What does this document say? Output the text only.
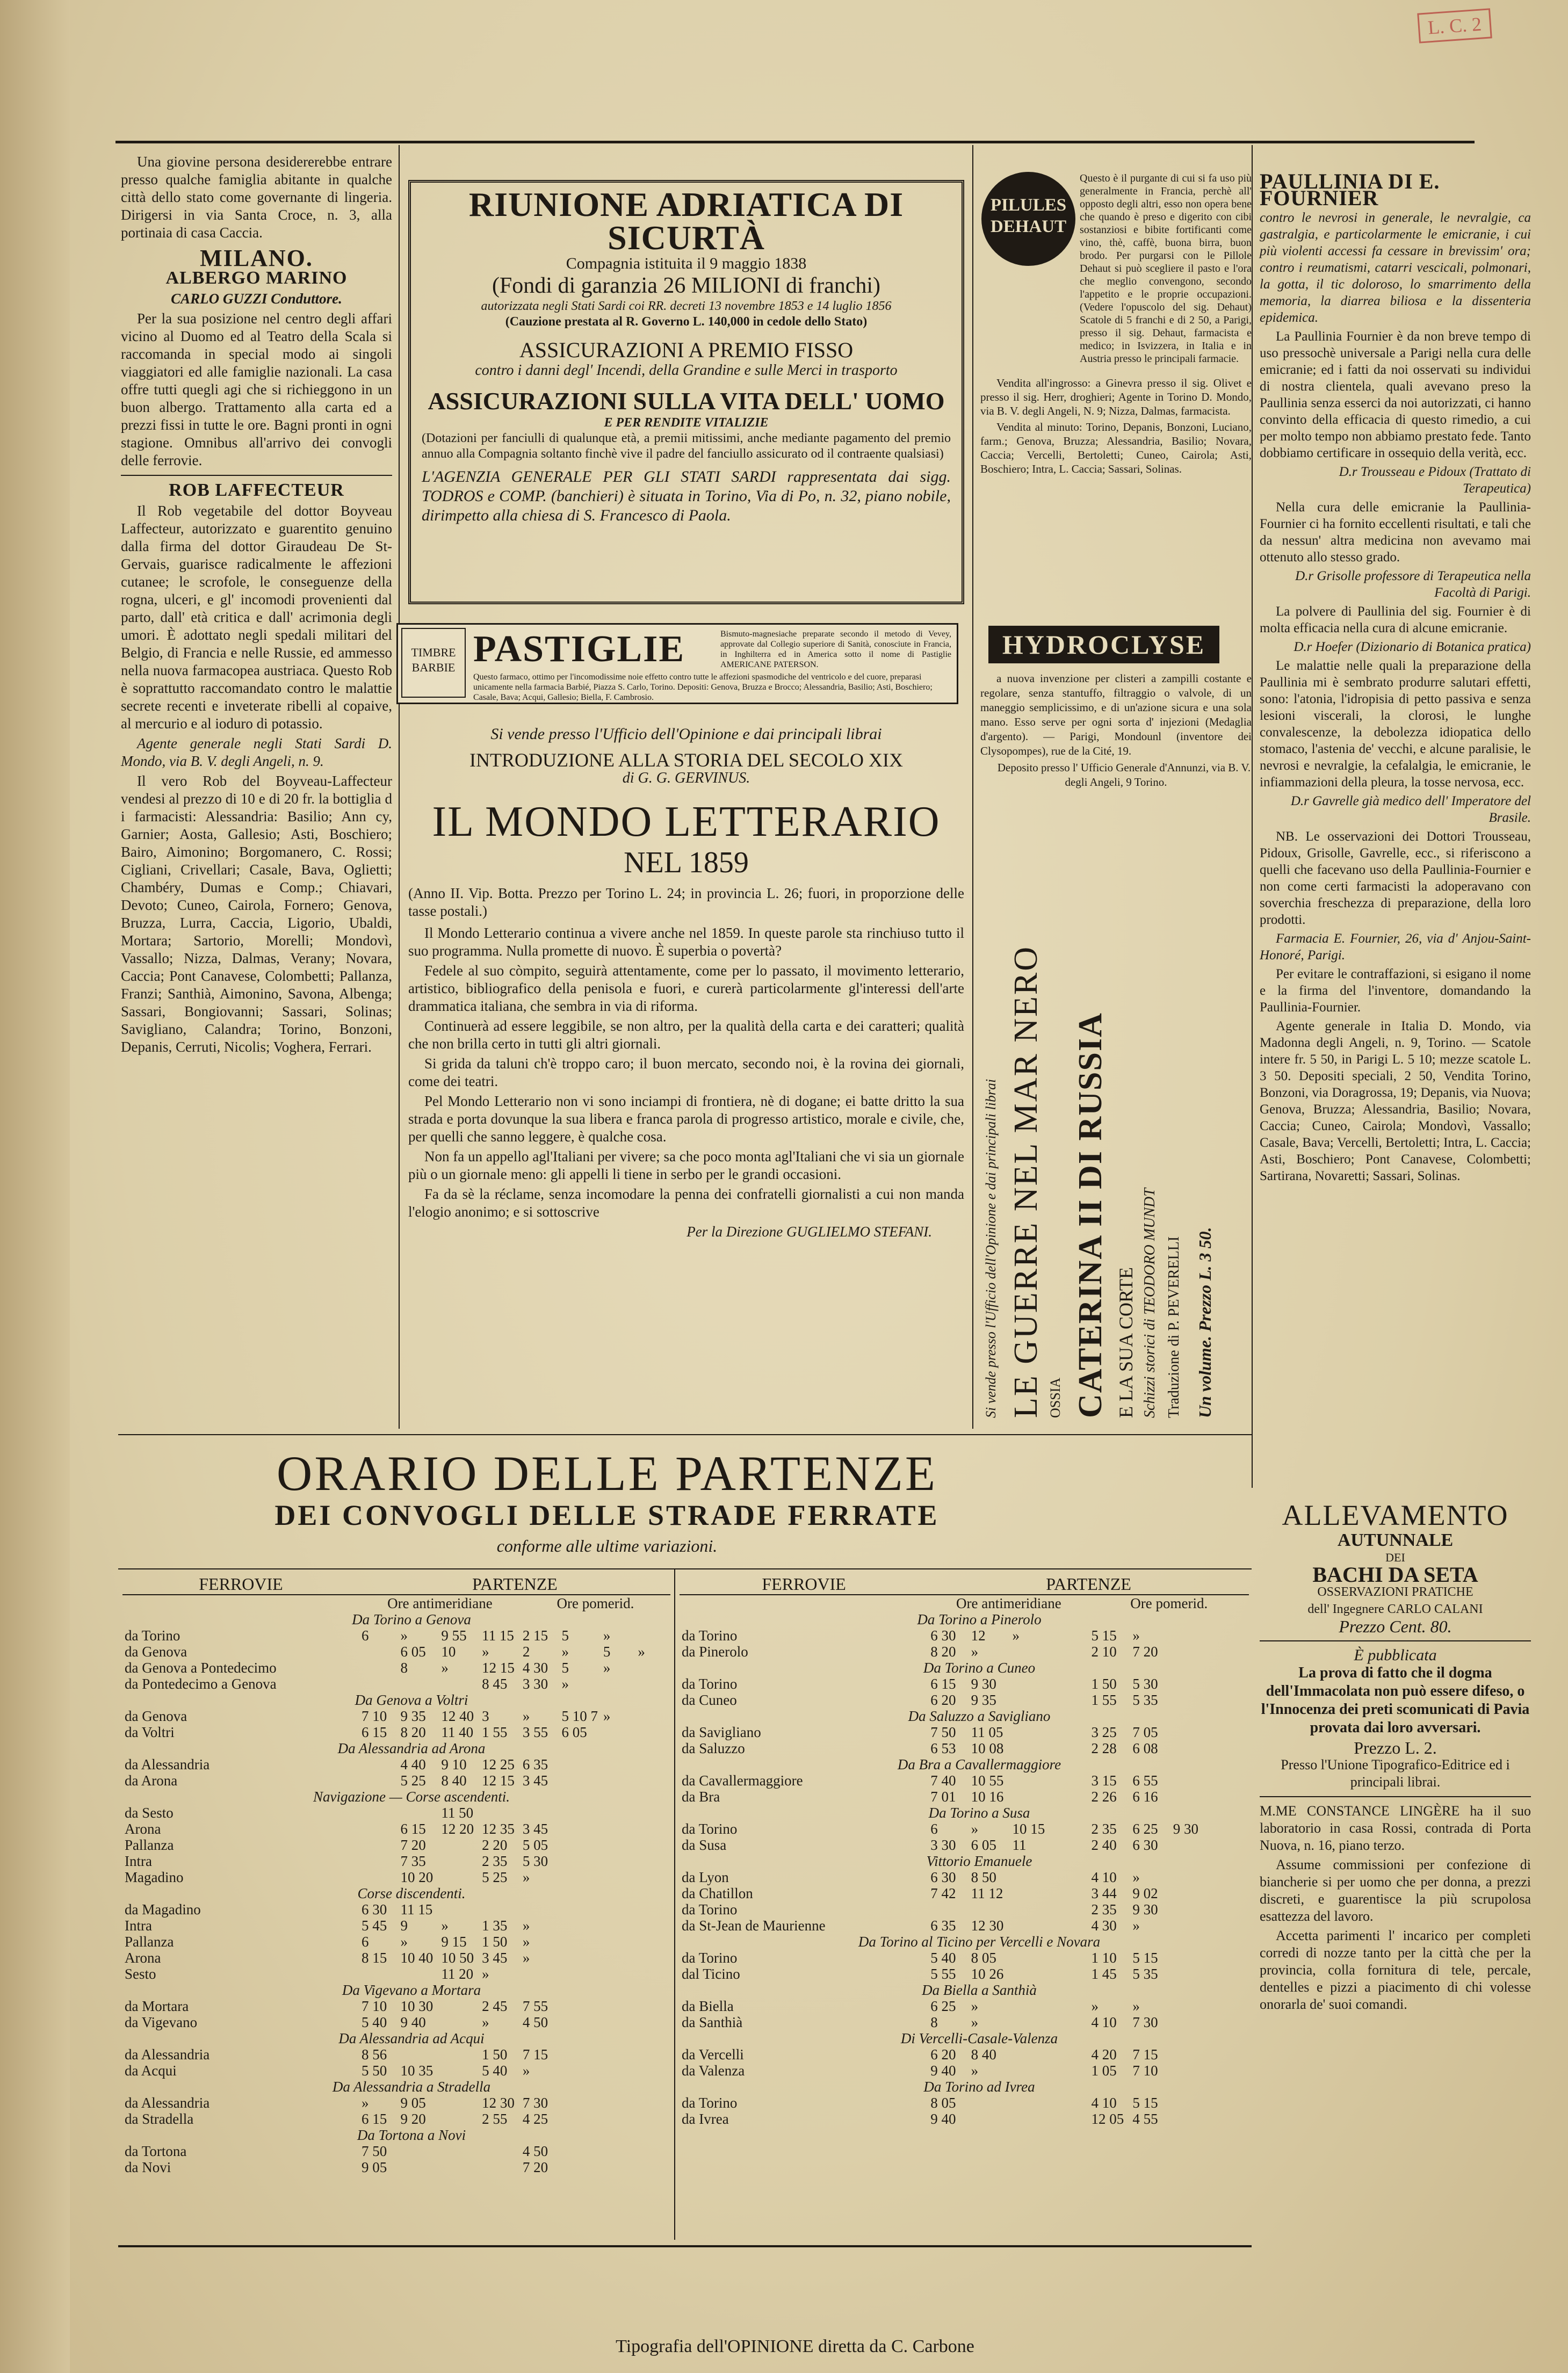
L. C. 2

Una giovine persona desidererebbe entrare presso qualche famiglia abitante in qualche città dello stato come governante di lingeria. Dirigersi in via Santa Croce, n. 3, alla portinaia di casa Caccia.

MILANO.
ALBERGO MARINO
CARLO GUZZI Conduttore.

Per la sua posizione nel centro degli affari vicino al Duomo ed al Teatro della Scala si raccomanda in special modo ai singoli viaggiatori ed alle famiglie nazionali. La casa offre tutti quegli agi che si richieggono in un buon albergo. Trattamento alla carta ed a prezzi fissi in tutte le ore. Bagni pronti in ogni stagione. Omnibus all'arrivo dei convogli delle ferrovie.

ROB LAFFECTEUR

Il Rob vegetabile del dottor Boyveau Laffecteur, autorizzato e guarentito genuino dalla firma del dottor Giraudeau De St-Gervais, guarisce radicalmente le affezioni cutanee; le scrofole, le conseguenze della rogna, ulceri, e gl' incomodi provenienti dal parto, dall' età critica e dall' acrimonia degli umori. È adottato negli spedali militari del Belgio, di Francia e nelle Russie, ed ammesso nella nuova farmacopea austriaca. Questo Rob è soprattutto raccomandato contro le malattie secrete recenti e inveterate ribelli al copaive, al mercurio e al ioduro di potassio.

Agente generale negli Stati Sardi D. Mondo, via B. V. degli Angeli, n. 9.

Il vero Rob del Boyveau-Laffecteur vendesi al prezzo di 10 e di 20 fr. la bottiglia d i farmacisti: Alessandria: Basilio; Ann cy, Garnier; Aosta, Gallesio; Asti, Boschiero; Bairo, Aimonino; Borgomanero, C. Rossi; Cigliani, Crivellari; Casale, Bava, Oglietti; Chambéry, Dumas e Comp.; Chiavari, Devoto; Cuneo, Cairola, Fornero; Genova, Bruzza, Lurra, Caccia, Ligorio, Ubaldi, Mortara; Sartorio, Morelli; Mondovì, Vassallo; Nizza, Dalmas, Verany; Novara, Caccia; Pont Canavese, Colombetti; Pallanza, Franzi; Santhià, Aimonino, Savona, Albenga; Sassari, Bongiovanni; Sassari, Solinas; Savigliano, Calandra; Torino, Bonzoni, Depanis, Cerruti, Nicolis; Voghera, Ferrari.

RIUNIONE ADRIATICA DI SICURTÀ
Compagnia istituita il 9 maggio 1838
(Fondi di garanzia 26 MILIONI di franchi)
autorizzata negli Stati Sardi coi RR. decreti 13 novembre 1853 e 14 luglio 1856
(Cauzione prestata al R. Governo L. 140,000 in cedole dello Stato)
ASSICURAZIONI A PREMIO FISSO
contro i danni degl' Incendi, della Grandine e sulle Merci in trasporto
ASSICURAZIONI SULLA VITA DELL' UOMO
E PER RENDITE VITALIZIE
(Dotazioni per fanciulli di qualunque età, a premii mitissimi, anche mediante pagamento del premio annuo alla Compagnia soltanto finchè vive il padre del fanciullo assicurato od il contraente qualsiasi)
L'AGENZIA GENERALE PER GLI STATI SARDI rappresentata dai sigg. TODROS e COMP. (banchieri) è situata in Torino, Via di Po, n. 32, piano nobile, dirimpetto alla chiesa di S. Francesco di Paola.
PILULES
DEHAUT

Questo è il purgante di cui si fa uso più generalmente in Francia, perchè all' opposto degli altri, esso non opera bene che quando è preso e digerito con cibi sostanziosi e bibite fortificanti come vino, thè, caffè, buona birra, buon brodo. Per purgarsi con le Pillole Dehaut si può scegliere il pasto e l'ora che meglio convengono, secondo l'appetito e le proprie occupazioni. (Vedere l'opuscolo del sig. Dehaut) Scatole di 5 franchi e di 2 50, a Parigi, presso il sig. Dehaut, farmacista e medico; in Isvizzera, in Italia e in Austria presso le principali farmacie.

Vendita all'ingrosso: a Ginevra presso il sig. Olivet e presso il sig. Herr, droghieri; Agente in Torino D. Mondo, via B. V. degli Angeli, N. 9; Nizza, Dalmas, farmacista.

Vendita al minuto: Torino, Depanis, Bonzoni, Luciano, farm.; Genova, Bruzza; Alessandria, Basilio; Novara, Caccia; Vercelli, Bertoletti; Cuneo, Cairola; Asti, Boschiero; Intra, L. Caccia; Sassari, Solinas.

TIMBRE BARBIE PASTIGLIE	Bismuto-magnesiache preparate secondo il metodo di Vevey, approvate dal Collegio superiore di Sanità, conosciute in Francia, in Inghilterra ed in America sotto il nome di Pastiglie AMERICANE PATERSON.
Questo farmaco, ottimo per l'incomodissime noie effetto contro tutte le affezioni spasmodiche del ventricolo e del cuore, preparasi unicamente nella farmacia Barbié, Piazza S. Carlo, Torino. Depositi: Genova, Bruzza e Brocco; Alessandria, Basilio; Asti, Boschiero; Casale, Bava; Acqui, Gallesio; Biella, F. Cambrosio.
HYDROCLYSE

a nuova invenzione per clisteri a zampilli costante e regolare, senza stantuffo, filtraggio o valvole, di un maneggio semplicissimo, e di un'azione sicura e una sola mano. Esso serve per ogni sorta d' injezioni (Medaglia d'argento). — Parigi, Mondounl (inventore dei Clysopompes), rue de la Cité, 19.

Deposito presso l' Ufficio Generale d'Annunzi, via B. V. degli Angeli, 9 Torino.

Si vende presso l'Ufficio dell'Opinione e dai principali librai
INTRODUZIONE ALLA STORIA DEL SECOLO XIX
di G. G. GERVINUS.
IL MONDO LETTERARIO
NEL 1859

(Anno II. Vip. Botta. Prezzo per Torino L. 24; in provincia L. 26; fuori, in proporzione delle tasse postali.)

Il Mondo Letterario continua a vivere anche nel 1859. In queste parole sta rinchiuso tutto il suo programma. Nulla promette di nuovo. È superbia o povertà?

Fedele al suo còmpito, seguirà attentamente, come per lo passato, il movimento letterario, artistico, bibliografico della penisola e fuori, e curerà particolarmente gl'interessi dell'arte drammatica italiana, che sembra in via di riforma.

Continuerà ad essere leggibile, se non altro, per la qualità della carta e dei caratteri; qualità che non brilla certo in tutti gli altri giornali.

Si grida da taluni ch'è troppo caro; il buon mercato, secondo noi, è la rovina dei giornali, come dei teatri.

Pel Mondo Letterario non vi sono inciampi di frontiera, nè di dogane; ei batte dritto la sua strada e porta dovunque la sua libera e franca parola di progresso artistico, morale e civile, che, per quelli che sanno leggere, è qualche cosa.

Non fa un appello agl'Italiani per vivere; sa che poco monta agl'Italiani che vi sia un giornale più o un giornale meno: gli appelli li tiene in serbo per le grandi occasioni.

Fa da sè la réclame, senza incomodare la penna dei confratelli giornalisti a cui non manda l'elogio anonimo; e si sottoscrive

Per la Direzione GUGLIELMO STEFANI.	Si vende presso l'Ufficio dell'Opinione e dai principali librai LE GUERRE NEL MAR NERO OSSIA CATERINA II DI RUSSIA E LA SUA CORTE Schizzi storici di TEODORO MUNDT Traduzione di P. PEVERELLI Un volume. Prezzo L. 3 50.
PAULLINIA DI E. FOURNIER

contro le nevrosi in generale, le nevralgie, ca gastralgia, e particolarmente le emicranie, i cui più violenti accessi fa cessare in brevissim' ora; contro i reumatismi, catarri vescicali, polmonari, la gotta, il tic doloroso, lo smarrimento della memoria, la diarrea biliosa e la dissenteria epidemica.

La Paullinia Fournier è da non breve tempo di uso pressochè universale a Parigi nella cura delle emicranie; ed i fatti da noi osservati su individui di nostra clientela, quali avevano preso la Paullinia senza esserci da noi autorizzati, ci hanno convinto della efficacia di questo rimedio, a cui per molto tempo non abbiamo prestato fede. Tanto dobbiamo certificare in ossequio della verità, ecc.

D.r Trousseau e Pidoux (Trattato di Terapeutica)

Nella cura delle emicranie la Paullinia-Fournier ci ha fornito eccellenti risultati, e tali che da nessun' altra medicina non avevamo mai ottenuto allo stesso grado.

D.r Grisolle professore di Terapeutica nella Facoltà di Parigi.

La polvere di Paullinia del sig. Fournier è di molta efficacia nella cura di alcune emicranie.

D.r Hoefer (Dizionario di Botanica pratica)

Le malattie nelle quali la preparazione della Paullinia mi è sembrato produrre salutari effetti, sono: l'atonia, l'idropisia di petto passiva e senza lesioni viscerali, la clorosi, le lunghe convalescenze, la debolezza idiopatica dello stomaco, l'astenia de' vecchi, e alcune paralisie, le nevrosi e nevralgie, la cefalalgia, le emicranie, le infiammazioni della pleura, la tosse nervosa, ecc.

D.r Gavrelle già medico dell' Imperatore del Brasile.

NB. Le osservazioni dei Dottori Trousseau, Pidoux, Grisolle, Gavrelle, ecc., si riferiscono a quelli che facevano uso della Paullinia-Fournier e non come certi farmacisti la adoperavano con soverchia freschezza di preparazione, della loro prodotti.

Farmacia E. Fournier, 26, via d' Anjou-Saint-Honoré, Parigi.

Per evitare le contraffazioni, si esigano il nome e la firma del l'inventore, domandando la Paullinia-Fournier.

Agente generale in Italia D. Mondo, via Madonna degli Angeli, n. 9, Torino. — Scatole intere fr. 5 50, in Parigi L. 5 10; mezze scatole L. 3 50. Depositi speciali, 2 50, Vendita Torino, Bonzoni, via Doragrossa, 19; Depanis, via Nuova; Genova, Bruzza; Alessandria, Basilio; Novara, Caccia; Cuneo, Cairola; Mondovì, Vassallo; Casale, Bava; Vercelli, Bertoletti; Intra, L. Caccia; Asti, Boschiero; Pont Canavese, Colombetti; Sartirana, Novaretti; Sassari, Solinas.

ORARIO DELLE PARTENZE
DEI CONVOGLI DELLE STRADE FERRATE
conforme alle ultime variazioni.
FERROVIE	PARTENZE							
	Ore antimeridiane				Ore pomerid.			
Da Torino a Genova								
da Torino	6	»	9 55	11 15	2 15	5	»	
da Genova		6 05	10	»	2	»	5	»
da Genova a Pontedecimo		8	»	12 15	4 30	5	»	
da Pontedecimo a Genova				8 45	3 30	»		
Da Genova a Voltri								
da Genova	7 10	9 35	12 40	3	»	5 10 7	»	
da Voltri	6 15	8 20	11 40	1 55	3 55	6 05		
Da Alessandria ad Arona								
da Alessandria		4 40	9 10	12 25	6 35			
da Arona		5 25	8 40	12 15	3 45			
Navigazione — Corse ascendenti.								
da Sesto			11 50					
Arona		6 15	12 20	12 35	3 45			
Pallanza		7 20		2 20	5 05			
Intra		7 35		2 35	5 30			
Magadino		10 20		5 25	»			
Corse discendenti.								
da Magadino	6 30	11 15						
Intra	5 45	9	»	1 35	»			
Pallanza	6	»	9 15	1 50	»			
Arona	8 15	10 40	10 50	3 45	»			
Sesto			11 20	»				
Da Vigevano a Mortara								
da Mortara	7 10	10 30		2 45	7 55			
da Vigevano	5 40	9 40		»	4 50			
Da Alessandria ad Acqui								
da Alessandria	8 56			1 50	7 15			
da Acqui	5 50	10 35		5 40	»			
Da Alessandria a Stradella								
da Alessandria	»	9 05		12 30	7 30			
da Stradella	6 15	9 20		2 55	4 25			
Da Tortona a Novi								
da Tortona	7 50				4 50			
da Novi	9 05				7 20			
FERROVIE	PARTENZE							
	Ore antimeridiane				Ore pomerid.			
Da Torino a Pinerolo								
da Torino	6 30	12	»		5 15	»		
da Pinerolo	8 20	»			2 10	7 20		
Da Torino a Cuneo								
da Torino	6 15	9 30			1 50	5 30		
da Cuneo	6 20	9 35			1 55	5 35		
Da Saluzzo a Savigliano								
da Savigliano	7 50	11 05			3 25	7 05		
da Saluzzo	6 53	10 08			2 28	6 08		
Da Bra a Cavallermaggiore								
da Cavallermaggiore	7 40	10 55			3 15	6 55		
da Bra	7 01	10 16			2 26	6 16		
Da Torino a Susa								
da Torino	6	»	10 15		2 35	6 25	9 30	
da Susa	3 30	6 05	11		2 40	6 30		
Vittorio Emanuele								
da Lyon	6 30	8 50			4 10	»		
da Chatillon	7 42	11 12			3 44	9 02		
da Torino					2 35	9 30		
da St-Jean de Maurienne	6 35	12 30			4 30	»		
Da Torino al Ticino per Vercelli e Novara								
da Torino	5 40	8 05			1 10	5 15		
dal Ticino	5 55	10 26			1 45	5 35		
Da Biella a Santhià								
da Biella	6 25	»			»	»		
da Santhià	8	»			4 10	7 30		
Di Vercelli-Casale-Valenza								
da Vercelli	6 20	8 40			4 20	7 15		
da Valenza	9 40	»			1 05	7 10		
Da Torino ad Ivrea								
da Torino	8 05				4 10	5 15		
da Ivrea	9 40				12 05	4 55		
ALLEVAMENTO
AUTUNNALE
DEI
BACHI DA SETA
OSSERVAZIONI PRATICHE
dell' Ingegnere CARLO CALANI
Prezzo Cent. 80.
È pubblicata

La prova di fatto che il dogma dell'Immacolata non può essere difeso, o l'Innocenza dei preti scomunicati di Pavia provata dai loro avversari.

Prezzo L. 2.

Presso l'Unione Tipografico-Editrice ed i principali librai.

M.ME CONSTANCE LINGÈRE ha il suo laboratorio in casa Rossi, contrada di Porta Nuova, n. 16, piano terzo.

Assume commissioni per confezione di biancherie si per uomo che per donna, a prezzi discreti, e guarentisce la più scrupolosa esattezza del lavoro.

Accetta parimenti l' incarico per completi corredi di nozze tanto per la città che per la provincia, colla fornitura di tele, percale, dentelles e pizzi a piacimento di chi volesse onorarla de' suoi comandi.

Tipografia dell'OPINIONE diretta da C. Carbone
